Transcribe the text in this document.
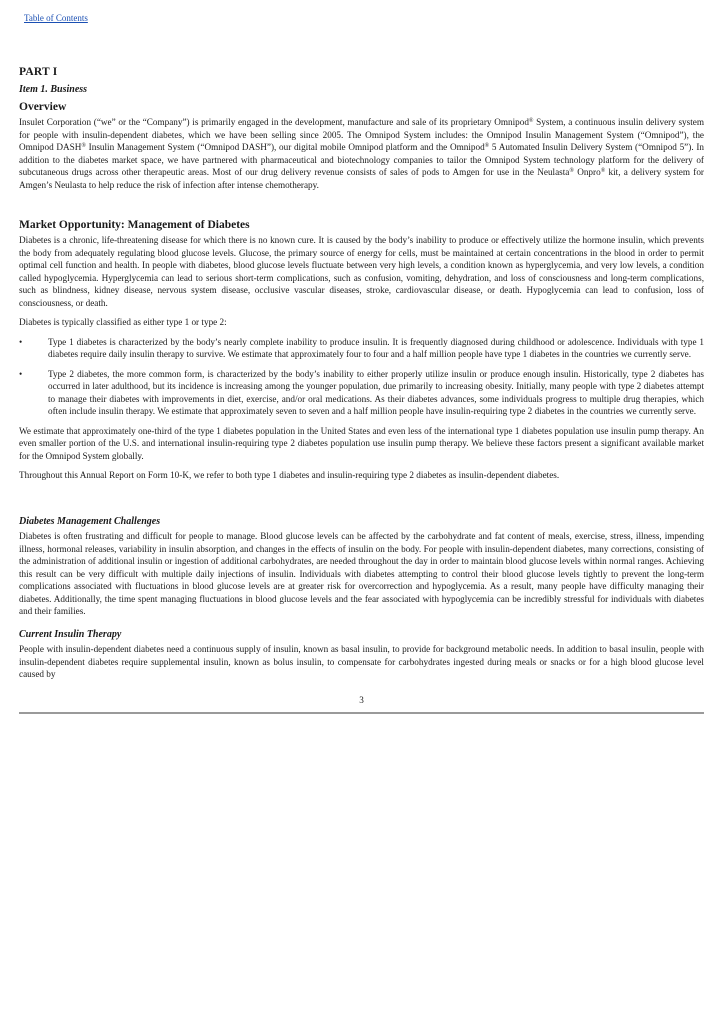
Table of Contents
PART I
Item 1. Business
Overview

Insulet Corporation (“we” or the “Company”) is primarily engaged in the development, manufacture and sale of its proprietary Omnipod® System, a continuous insulin delivery system for people with insulin-dependent diabetes, which we have been selling since 2005. The Omnipod System includes: the Omnipod Insulin Management System (“Omnipod”), the Omnipod DASH® Insulin Management System (“Omnipod DASH”), our digital mobile Omnipod platform and the Omnipod® 5 Automated Insulin Delivery System (“Omnipod 5”). In addition to the diabetes market space, we have partnered with pharmaceutical and biotechnology companies to tailor the Omnipod System technology platform for the delivery of subcutaneous drugs across other therapeutic areas. Most of our drug delivery revenue consists of sales of pods to Amgen for use in the Neulasta® Onpro® kit, a delivery system for Amgen’s Neulasta to help reduce the risk of infection after intense chemotherapy.

Market Opportunity: Management of Diabetes

Diabetes is a chronic, life-threatening disease for which there is no known cure. It is caused by the body’s inability to produce or effectively utilize the hormone insulin, which prevents the body from adequately regulating blood glucose levels. Glucose, the primary source of energy for cells, must be maintained at certain concentrations in the blood in order to permit optimal cell function and health. In people with diabetes, blood glucose levels fluctuate between very high levels, a condition known as hyperglycemia, and very low levels, a condition called hypoglycemia. Hyperglycemia can lead to serious short-term complications, such as confusion, vomiting, dehydration, and loss of consciousness and long-term complications, such as blindness, kidney disease, nervous system disease, occlusive vascular diseases, stroke, cardiovascular disease, or death. Hypoglycemia can lead to confusion, loss of consciousness, or death.

Diabetes is typically classified as either type 1 or type 2:

•	Type 1 diabetes is characterized by the body’s nearly complete inability to produce insulin. It is frequently diagnosed during childhood or adolescence. Individuals with type 1 diabetes require daily insulin therapy to survive. We estimate that approximately four to four and a half million people have type 1 diabetes in the countries we currently serve.
•	Type 2 diabetes, the more common form, is characterized by the body’s inability to either properly utilize insulin or produce enough insulin. Historically, type 2 diabetes has occurred in later adulthood, but its incidence is increasing among the younger population, due primarily to increasing obesity. Initially, many people with type 2 diabetes attempt to manage their diabetes with improvements in diet, exercise, and/or oral medications. As their diabetes advances, some individuals progress to multiple drug therapies, which often include insulin therapy. We estimate that approximately seven to seven and a half million people have insulin-requiring type 2 diabetes in the countries we currently serve.

We estimate that approximately one-third of the type 1 diabetes population in the United States and even less of the international type 1 diabetes population use insulin pump therapy. An even smaller portion of the U.S. and international insulin-requiring type 2 diabetes population use insulin pump therapy. We believe these factors present a significant available market for the Omnipod System globally.

Throughout this Annual Report on Form 10-K, we refer to both type 1 diabetes and insulin-requiring type 2 diabetes as insulin-dependent diabetes.

Diabetes Management Challenges

Diabetes is often frustrating and difficult for people to manage. Blood glucose levels can be affected by the carbohydrate and fat content of meals, exercise, stress, illness, impending illness, hormonal releases, variability in insulin absorption, and changes in the effects of insulin on the body. For people with insulin-dependent diabetes, many corrections, consisting of the administration of additional insulin or ingestion of additional carbohydrates, are needed throughout the day in order to maintain blood glucose levels within normal ranges. Achieving this result can be very difficult with multiple daily injections of insulin. Individuals with diabetes attempting to control their blood glucose levels tightly to prevent the long-term complications associated with fluctuations in blood glucose levels are at greater risk for overcorrection and hypoglycemia. As a result, many people have difficulty managing their diabetes. Additionally, the time spent managing fluctuations in blood glucose levels and the fear associated with hypoglycemia can be incredibly stressful for individuals with diabetes and their families.

Current Insulin Therapy

People with insulin-dependent diabetes need a continuous supply of insulin, known as basal insulin, to provide for background metabolic needs. In addition to basal insulin, people with insulin-dependent diabetes require supplemental insulin, known as bolus insulin, to compensate for carbohydrates ingested during meals or snacks or for a high blood glucose level caused by

3
